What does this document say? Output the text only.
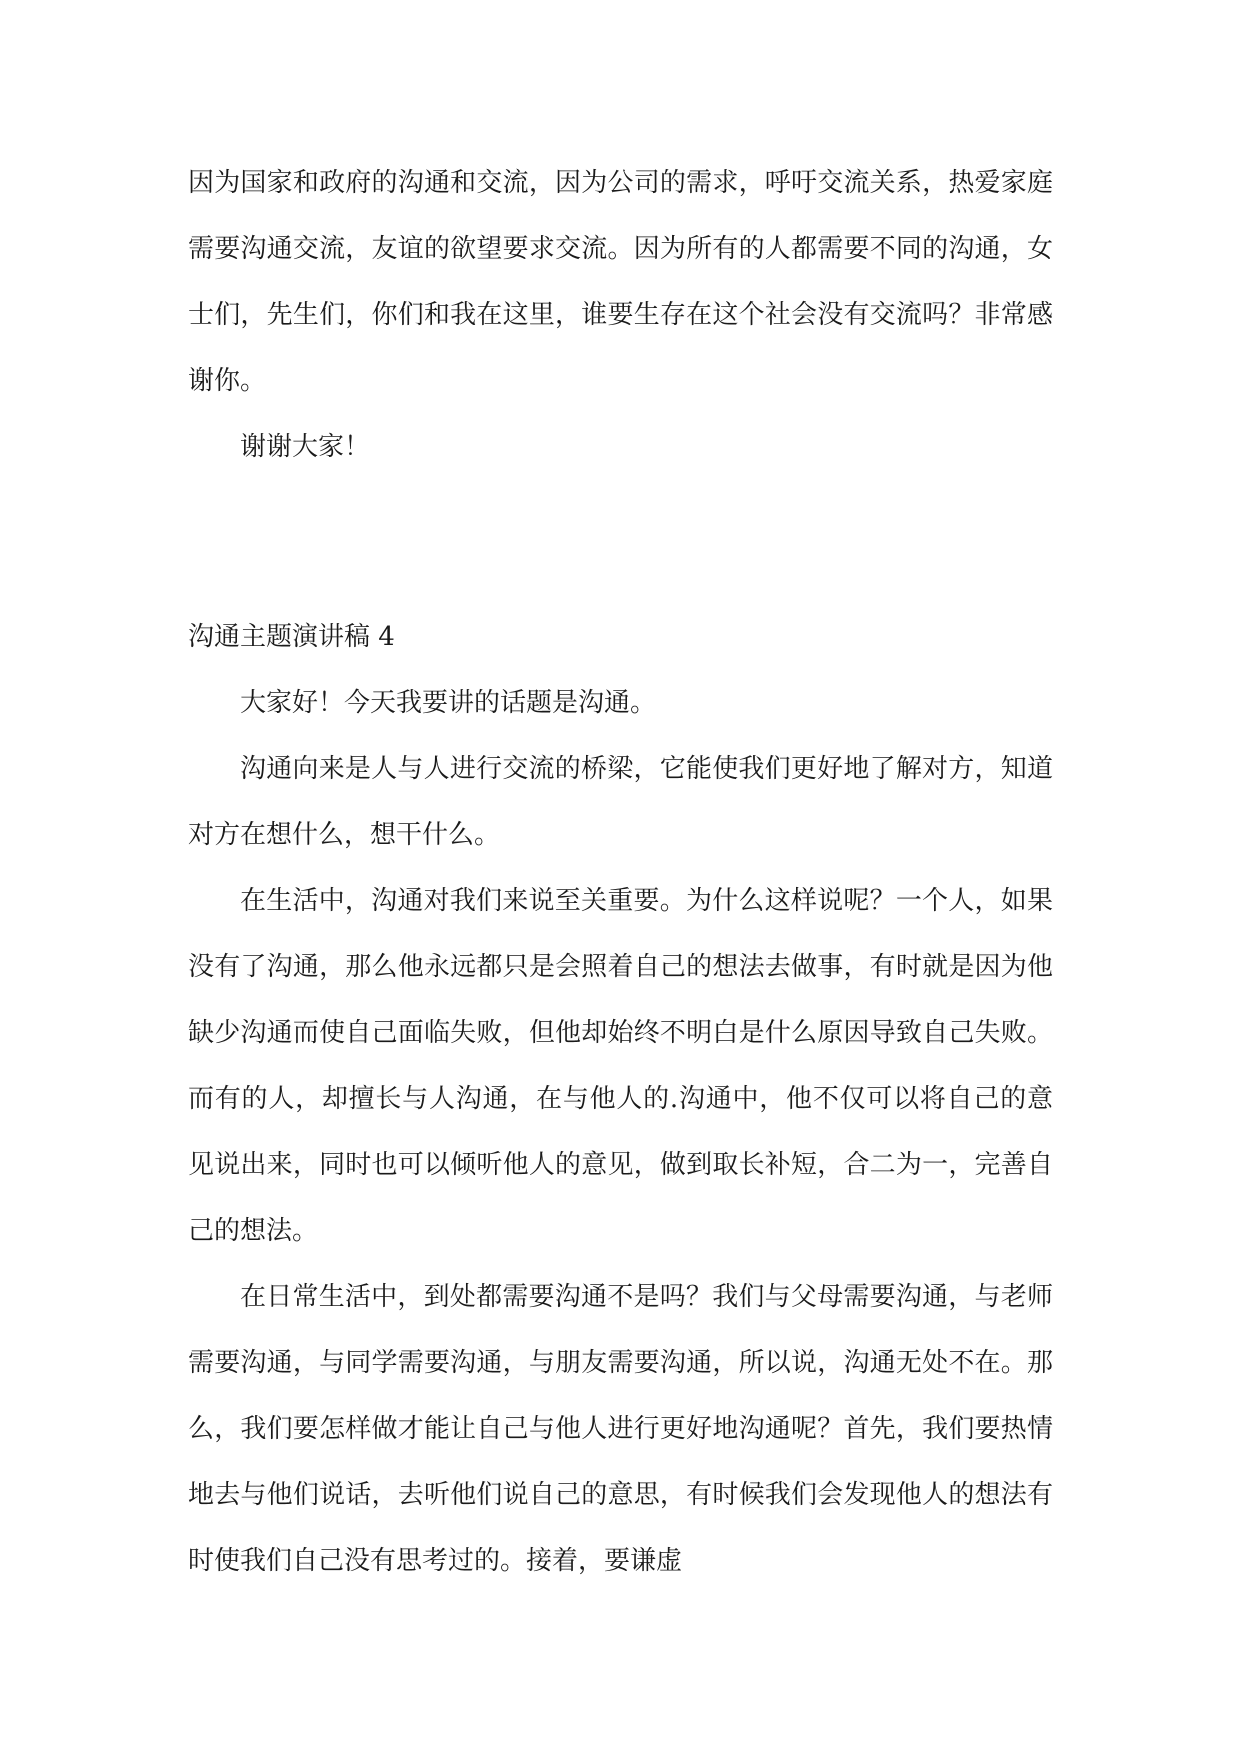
因为国家和政府的沟通和交流，因为公司的需求，呼吁交流关系，热爱家庭需要沟通交流，友谊的欲望要求交流。因为所有的人都需要不同的沟通，女士们，先生们，你们和我在这里，谁要生存在这个社会没有交流吗？非常感谢你。

谢谢大家！

沟通主题演讲稿 4

大家好！今天我要讲的话题是沟通。

沟通向来是人与人进行交流的桥梁，它能使我们更好地了解对方，知道对方在想什么，想干什么。

在生活中，沟通对我们来说至关重要。为什么这样说呢？一个人，如果没有了沟通，那么他永远都只是会照着自己的想法去做事，有时就是因为他缺少沟通而使自己面临失败，但他却始终不明白是什么原因导致自己失败。而有的人，却擅长与人沟通，在与他人的.沟通中，他不仅可以将自己的意见说出来，同时也可以倾听他人的意见，做到取长补短，合二为一，完善自己的想法。

在日常生活中，到处都需要沟通不是吗？我们与父母需要沟通，与老师需要沟通，与同学需要沟通，与朋友需要沟通，所以说，沟通无处不在。那么，我们要怎样做才能让自己与他人进行更好地沟通呢？首先，我们要热情地去与他们说话，去听他们说自己的意思，有时候我们会发现他人的想法有时使我们自己没有思考过的。接着，要谦虚
